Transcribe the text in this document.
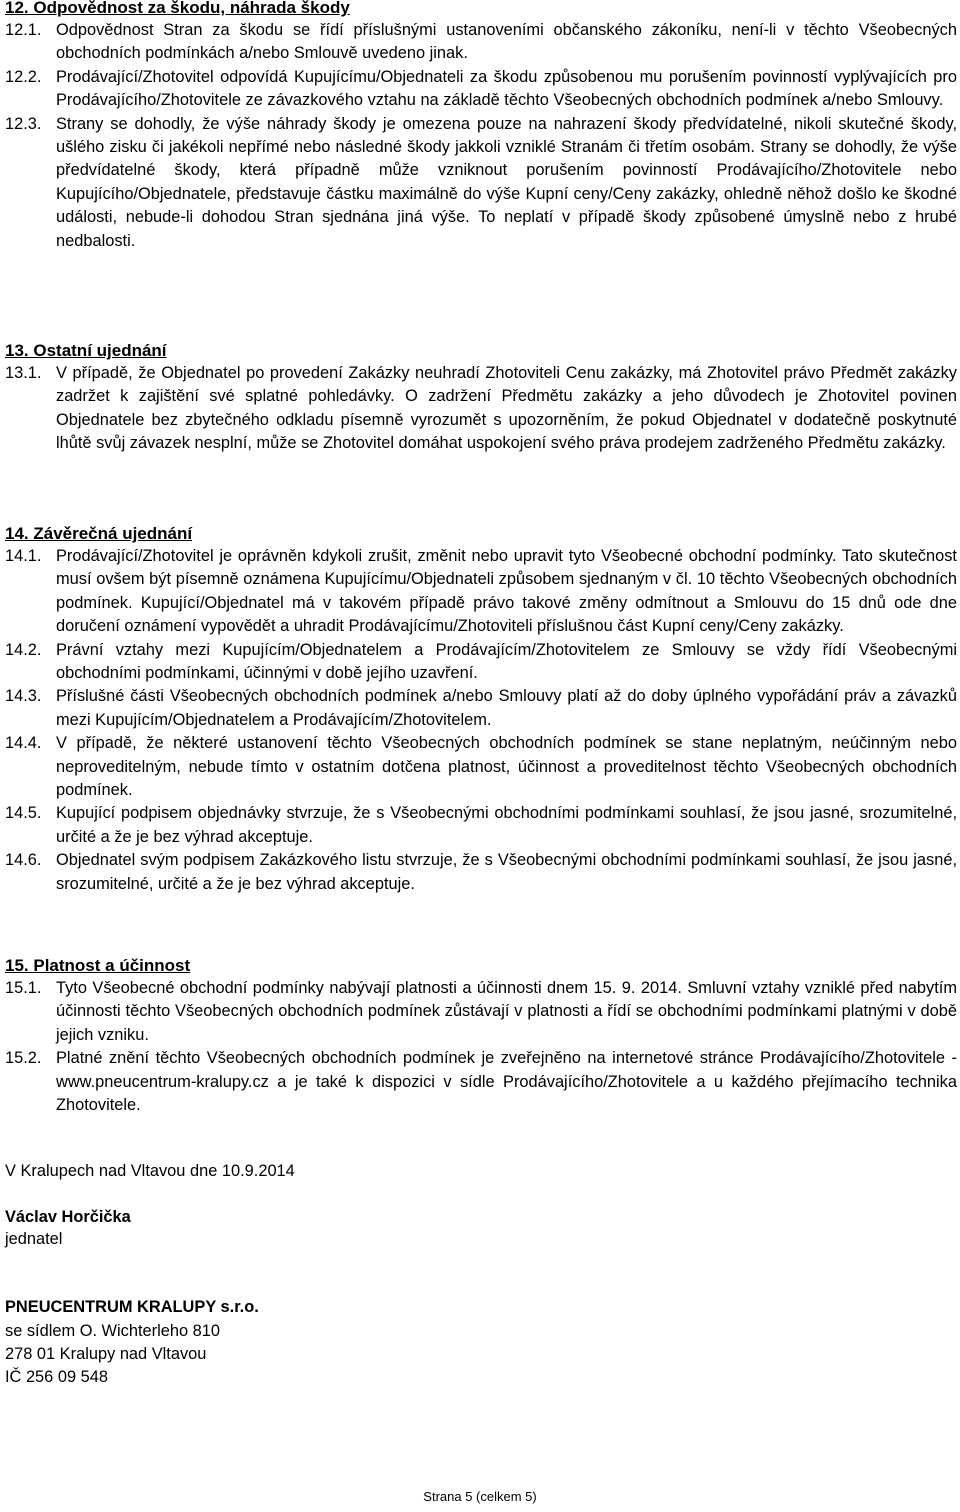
12. Odpovědnost za škodu, náhrada škody
12.1. Odpovědnost Stran za škodu se řídí příslušnými ustanoveními občanského zákoníku, není-li v těchto Všeobecných obchodních podmínkách a/nebo Smlouvě uvedeno jinak.
12.2. Prodávající/Zhotovitel odpovídá Kupujícímu/Objednateli za škodu způsobenou mu porušením povinností vyplývajících pro Prodávajícího/Zhotovitele ze závazkového vztahu na základě těchto Všeobecných obchodních podmínek a/nebo Smlouvy.
12.3. Strany se dohodly, že výše náhrady škody je omezena pouze na nahrazení škody předvídatelné, nikoli skutečné škody, ušlého zisku či jakékoli nepřímé nebo následné škody jakkoli vzniklé Stranám či třetím osobám. Strany se dohodly, že výše předvídatelné škody, která případně může vzniknout porušením povinností Prodávajícího/Zhotovitele nebo Kupujícího/Objednatele, představuje částku maximálně do výše Kupní ceny/Ceny zakázky, ohledně něhož došlo ke škodné události, nebude-li dohodou Stran sjednána jiná výše. To neplatí v případě škody způsobené úmyslně nebo z hrubé nedbalosti.
13. Ostatní ujednání
13.1. V případě, že Objednatel po provedení Zakázky neuhradí Zhotoviteli Cenu zakázky, má Zhotovitel právo Předmět zakázky zadržet k zajištění své splatné pohledávky. O zadržení Předmětu zakázky a jeho důvodech je Zhotovitel povinen Objednatele bez zbytečného odkladu písemně vyrozumět s upozorněním, že pokud Objednatel v dodatečně poskytnuté lhůtě svůj závazek nesplní, může se Zhotovitel domáhat uspokojení svého práva prodejem zadrženého Předmětu zakázky.
14. Závěrečná ujednání
14.1. Prodávající/Zhotovitel je oprávněn kdykoli zrušit, změnit nebo upravit tyto Všeobecné obchodní podmínky. Tato skutečnost musí ovšem být písemně oznámena Kupujícímu/Objednateli způsobem sjednaným v čl. 10 těchto Všeobecných obchodních podmínek. Kupující/Objednatel má v takovém případě právo takové změny odmítnout a Smlouvu do 15 dnů ode dne doručení oznámení vypovědět a uhradit Prodávajícímu/Zhotoviteli příslušnou část Kupní ceny/Ceny zakázky.
14.2. Právní vztahy mezi Kupujícím/Objednatelem a Prodávajícím/Zhotovitelem ze Smlouvy se vždy řídí Všeobecnými obchodními podmínkami, účinnými v době jejího uzavření.
14.3. Příslušné části Všeobecných obchodních podmínek a/nebo Smlouvy platí až do doby úplného vypořádání práv a závazků mezi Kupujícím/Objednatelem a Prodávajícím/Zhotovitelem.
14.4. V případě, že některé ustanovení těchto Všeobecných obchodních podmínek se stane neplatným, neúčinným nebo neproveditelným, nebude tímto v ostatním dotčena platnost, účinnost a proveditelnost těchto Všeobecných obchodních podmínek.
14.5. Kupující podpisem objednávky stvrzuje, že s Všeobecnými obchodními podmínkami souhlasí, že jsou jasné, srozumitelné, určité a že je bez výhrad akceptuje.
14.6. Objednatel svým podpisem Zakázkového listu stvrzuje, že s Všeobecnými obchodními podmínkami souhlasí, že jsou jasné, srozumitelné, určité a že je bez výhrad akceptuje.
15. Platnost a účinnost
15.1. Tyto Všeobecné obchodní podmínky nabývají platnosti a účinnosti dnem 15. 9. 2014. Smluvní vztahy vzniklé před nabytím účinnosti těchto Všeobecných obchodních podmínek zůstávají v platnosti a řídí se obchodními podmínkami platnými v době jejich vzniku.
15.2. Platné znění těchto Všeobecných obchodních podmínek je zveřejněno na internetové stránce Prodávajícího/Zhotovitele - www.pneucentrum-kralupy.cz a je také k dispozici v sídle Prodávajícího/Zhotovitele a u každého přejímacího technika Zhotovitele.
V Kralupech nad Vltavou dne 10.9.2014
Václav Horčička
jednatel
PNEUCENTRUM KRALUPY s.r.o.
se sídlem O. Wichterleho 810
278 01 Kralupy nad Vltavou
IČ 256 09 548
Strana 5 (celkem 5)
